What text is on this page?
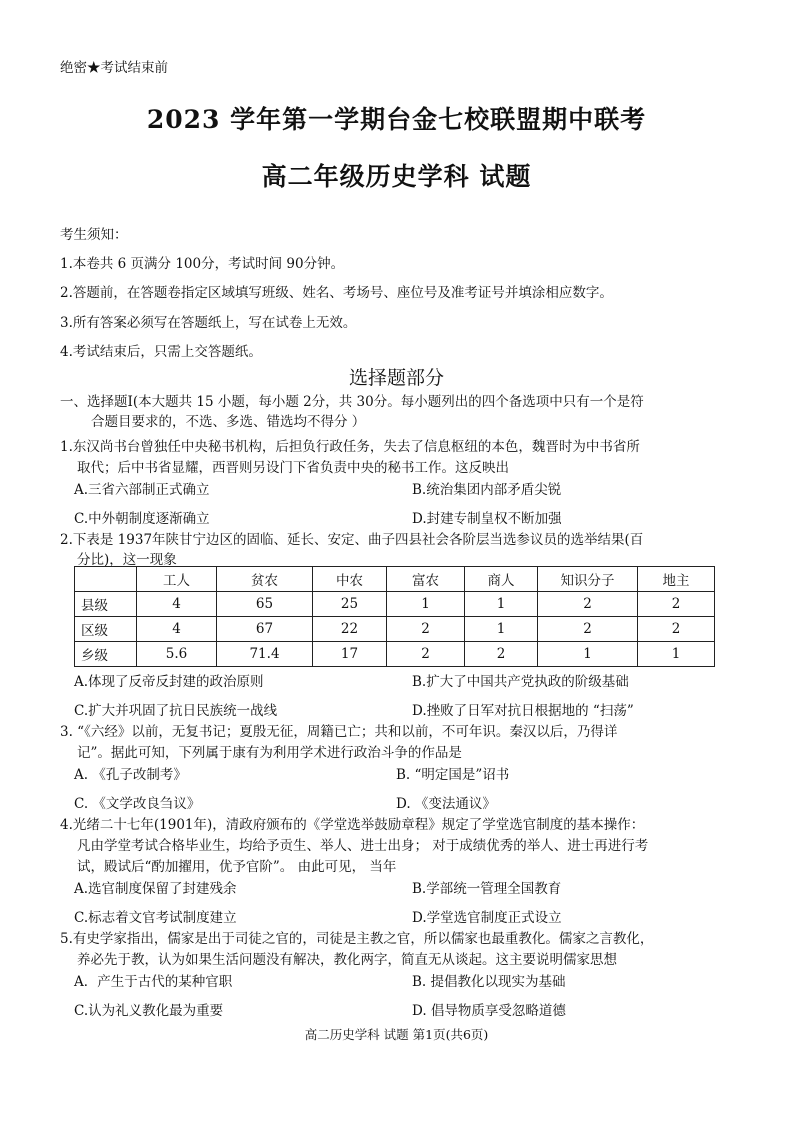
绝密★考试结束前
2023 学年第一学期台金七校联盟期中联考
高二年级历史学科 试题
考生须知：
1.本卷共 6 页满分 100分，考试时间 90分钟。
2.答题前，在答题卷指定区域填写班级、姓名、考场号、座位号及准考证号并填涂相应数字。
3.所有答案必须写在答题纸上，写在试卷上无效。
4.考试结束后，只需上交答题纸。
选择题部分
一、选择题Ⅰ(本大题共 15 小题，每小题 2分，共 30分。每小题列出的四个备选项中只有一个是符
合题目要求的，不选、多选、错选均不得分 ）
1.东汉尚书台曾独任中央秘书机构，后担负行政任务，失去了信息枢纽的本色，魏晋时为中书省所
取代；后中书省显耀，西晋则另设门下省负责中央的秘书工作。这反映出
A.三省六部制正式确立	B.统治集团内部矛盾尖锐
C.中外朝制度逐渐确立	D.封建专制皇权不断加强
2.下表是 1937年陕甘宁边区的固临、延长、安定、曲子四县社会各阶层当选参议员的选举结果(百
分比)，这一现象
	工人	贫农	中农	富农	商人	知识分子	地主
县级	4	65	25	1	1	2	2
区级	4	67	22	2	1	2	2
乡级	5.6	71.4	17	2	2	1	1
A.体现了反帝反封建的政治原则	B.扩大了中国共产党执政的阶级基础
C.扩大并巩固了抗日民族统一战线	D.挫败了日军对抗日根据地的 “扫荡”
3. “《六经》以前，无复书记；夏殷无征，周籍已亡；共和以前，不可年识。秦汉以后，乃得详
记”。据此可知，下列属于康有为利用学术进行政治斗争的作品是
A. 《孔子改制考》	B. “明定国是”诏书
C. 《文学改良刍议》	D. 《变法通议》
4.光绪二十七年(1901年)，清政府颁布的《学堂选举鼓励章程》规定了学堂选官制度的基本操作：
凡由学堂考试合格毕业生，均给予贡生、举人、进士出身； 对于成绩优秀的举人、进士再进行考
试，殿试后“酌加擢用，优予官阶”。 由此可见， 当年
A.选官制度保留了封建残余	B.学部统一管理全国教育
C.标志着文官考试制度建立	D.学堂选官制度正式设立
5.有史学家指出，儒家是出于司徒之官的，司徒是主教之官，所以儒家也最重教化。儒家之言教化，
养必先于教，认为如果生活问题没有解决，教化两字，简直无从谈起。这主要说明儒家思想
A．产生于古代的某种官职	B. 提倡教化以现实为基础
C.认为礼义教化最为重要	D. 倡导物质享受忽略道德
高二历史学科 试题 第1页(共6页)
